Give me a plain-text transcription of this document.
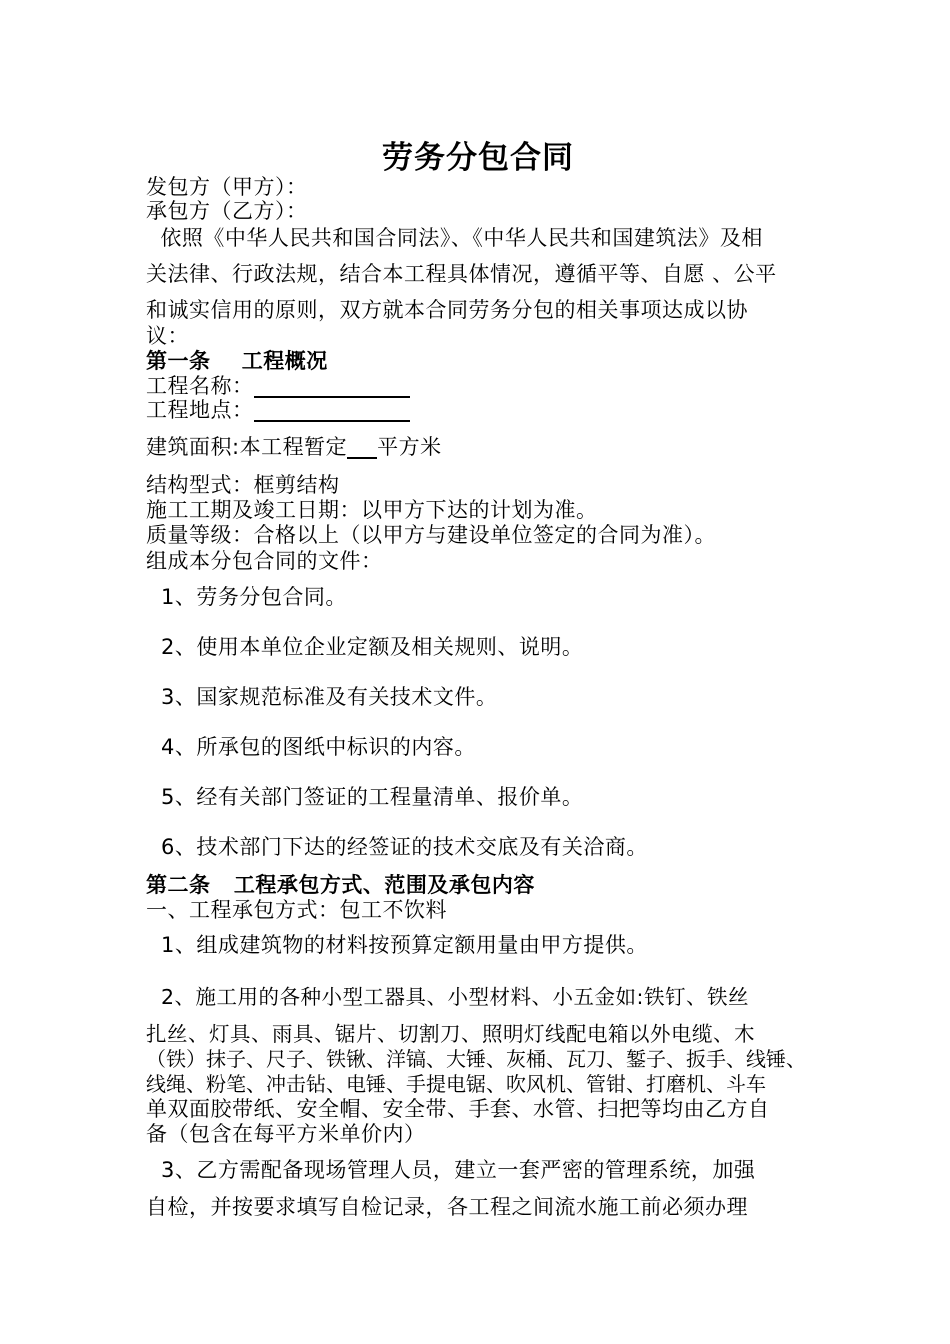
劳务分包合同
发包方（甲方）：
承包方（乙方）：
依照《中华人民共和国合同法》、《中华人民共和国建筑法》及相
关法律、行政法规，结合本工程具体情况，遵循平等、自愿 、公平
和诚实信用的原则，双方就本合同劳务分包的相关事项达成以协
议：
第一条    工程概况
工程名称：
工程地点：
建筑面积:本工程暂定 平方米
结构型式：框剪结构
施工工期及竣工日期：以甲方下达的计划为准。
质量等级：合格以上（以甲方与建设单位签定的合同为准）。
组成本分包合同的文件：
1、劳务分包合同。
2、使用本单位企业定额及相关规则、说明。
3、国家规范标准及有关技术文件。
4、所承包的图纸中标识的内容。
5、经有关部门签证的工程量清单、报价单。
6、技术部门下达的经签证的技术交底及有关洽商。
第二条   工程承包方式、范围及承包内容
一、工程承包方式：包工不饮料
1、组成建筑物的材料按预算定额用量由甲方提供。
2、施工用的各种小型工器具、小型材料、小五金如:铁钉、铁丝
扎丝、灯具、雨具、锯片、切割刀、照明灯线配电箱以外电缆、木
（铁）抹子、尺子、铁锹、洋镐、大锤、灰桶、瓦刀、錾子、扳手、线锤、
线绳、粉笔、冲击钻、电锤、手提电锯、吹风机、管钳、打磨机、斗车
单双面胶带纸、安全帽、安全带、手套、水管、扫把等均由乙方自
备（包含在每平方米单价内）
3、乙方需配备现场管理人员，建立一套严密的管理系统，加强
自检，并按要求填写自检记录，各工程之间流水施工前必须办理
